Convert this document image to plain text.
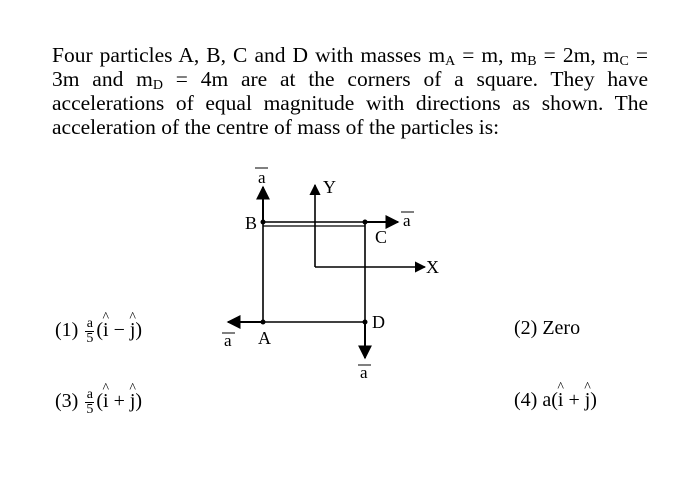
Four particles A, B, C and D with masses $m_A = m$, $m_B = 2m$, $m_C = 3m$ and $m_D = 4m$ are at the corners of a square. They have accelerations of equal magnitude with directions as shown. The acceleration of the centre of mass of the particles is:

Y
X
A
B
C
D
a
a
a
a
$(1) \frac{a}{5} (i$ ^ − j ^)	(2) Zero
$(3) \frac{a}{5} (i$ ^ + j ^)	(4) a(i ^ + j ^)
